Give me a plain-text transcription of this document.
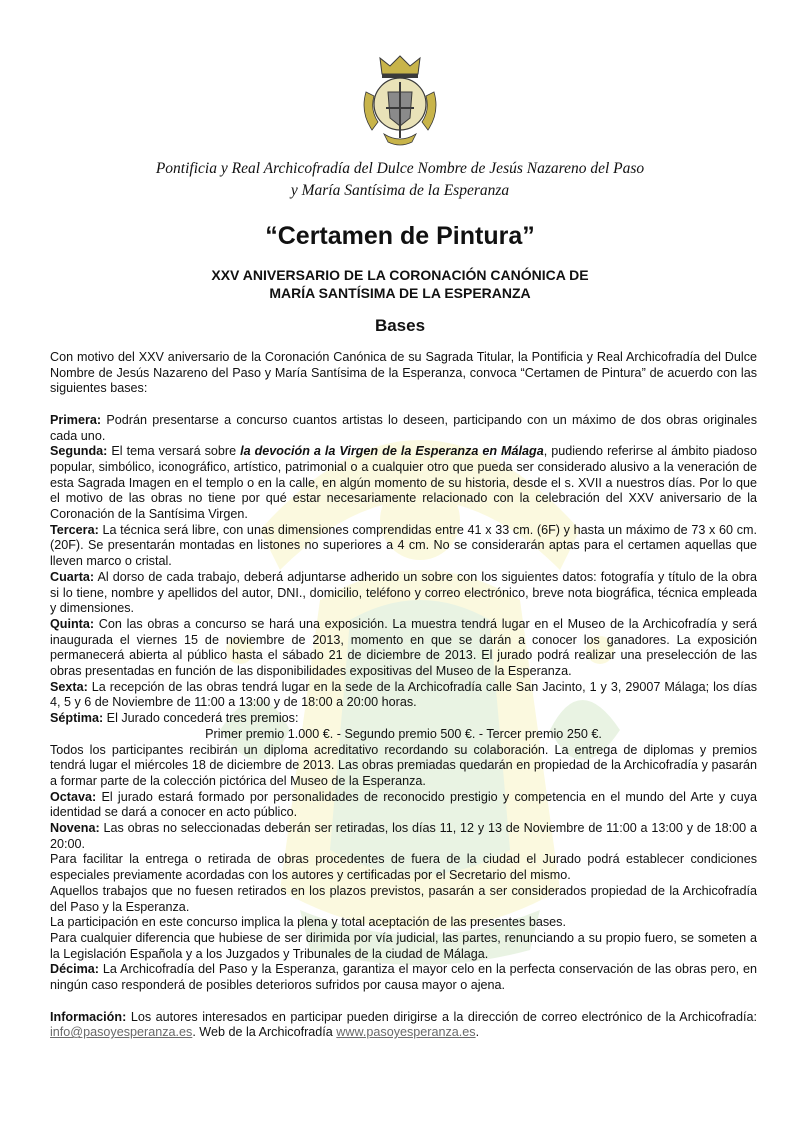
Pontificia y Real Archicofradía del Dulce Nombre de Jesús Nazareno del Paso
y María Santísima de la Esperanza
“Certamen de Pintura”
XXV ANIVERSARIO DE LA CORONACIÓN CANÓNICA DE
MARÍA SANTÍSIMA DE LA ESPERANZA
Bases

Con motivo del XXV aniversario de la Coronación Canónica de su Sagrada Titular, la Pontificia y Real Archicofradía del Dulce Nombre de Jesús Nazareno del Paso y María Santísima de la Esperanza, convoca “Certamen de Pintura” de acuerdo con las siguientes bases:

Primera: Podrán presentarse a concurso cuantos artistas lo deseen, participando con un máximo de dos obras originales cada uno.

Segunda: El tema versará sobre la devoción a la Virgen de la Esperanza en Málaga, pudiendo referirse al ámbito piadoso popular, simbólico, iconográfico, artístico, patrimonial o a cualquier otro que pueda ser considerado alusivo a la veneración de esta Sagrada Imagen en el templo o en la calle, en algún momento de su historia, desde el s. XVII a nuestros días. Por lo que el motivo de las obras no tiene por qué estar necesariamente relacionado con la celebración del XXV aniversario de la Coronación de la Santísima Virgen.

Tercera: La técnica será libre, con unas dimensiones comprendidas entre 41 x 33 cm. (6F) y hasta un máximo de 73 x 60 cm. (20F). Se presentarán montadas en listones no superiores a 4 cm. No se considerarán aptas para el certamen aquellas que lleven marco o cristal.

Cuarta: Al dorso de cada trabajo, deberá adjuntarse adherido un sobre con los siguientes datos: fotografía y título de la obra si lo tiene, nombre y apellidos del autor, DNI., domicilio, teléfono y correo electrónico, breve nota biográfica, técnica empleada y dimensiones.

Quinta: Con las obras a concurso se hará una exposición. La muestra tendrá lugar en el Museo de la Archicofradía y será inaugurada el viernes 15 de noviembre de 2013, momento en que se darán a conocer los ganadores. La exposición permanecerá abierta al público hasta el sábado 21 de diciembre de 2013. El jurado podrá realizar una preselección de las obras presentadas en función de las disponibilidades expositivas del Museo de la Esperanza.

Sexta: La recepción de las obras tendrá lugar en la sede de la Archicofradía calle San Jacinto, 1 y 3, 29007 Málaga; los días 4, 5 y 6 de Noviembre de 11:00 a 13:00 y de 18:00 a 20:00 horas.

Séptima: El Jurado concederá tres premios:

Primer premio 1.000 €. - Segundo premio 500 €. - Tercer premio 250 €.

Todos los participantes recibirán un diploma acreditativo recordando su colaboración. La entrega de diplomas y premios tendrá lugar el miércoles 18 de diciembre de 2013. Las obras premiadas quedarán en propiedad de la Archicofradía y pasarán a formar parte de la colección pictórica del Museo de la Esperanza.

Octava: El jurado estará formado por personalidades de reconocido prestigio y competencia en el mundo del Arte y cuya identidad se dará a conocer en acto público.

Novena: Las obras no seleccionadas deberán ser retiradas, los días 11, 12 y 13 de Noviembre de 11:00 a 13:00 y de 18:00 a 20:00.

Para facilitar la entrega o retirada de obras procedentes de fuera de la ciudad el Jurado podrá establecer condiciones especiales previamente acordadas con los autores y certificadas por el Secretario del mismo.

Aquellos trabajos que no fuesen retirados en los plazos previstos, pasarán a ser considerados propiedad de la Archicofradía del Paso y la Esperanza.

La participación en este concurso implica la plena y total aceptación de las presentes bases.

Para cualquier diferencia que hubiese de ser dirimida por vía judicial, las partes, renunciando a su propio fuero, se someten a la Legislación Española y a los Juzgados y Tribunales de la ciudad de Málaga.

Décima: La Archicofradía del Paso y la Esperanza, garantiza el mayor celo en la perfecta conservación de las obras pero, en ningún caso responderá de posibles deterioros sufridos por causa mayor o ajena.

Información: Los autores interesados en participar pueden dirigirse a la dirección de correo electrónico de la Archicofradía: info@pasoyesperanza.es. Web de la Archicofradía www.pasoyesperanza.es.
